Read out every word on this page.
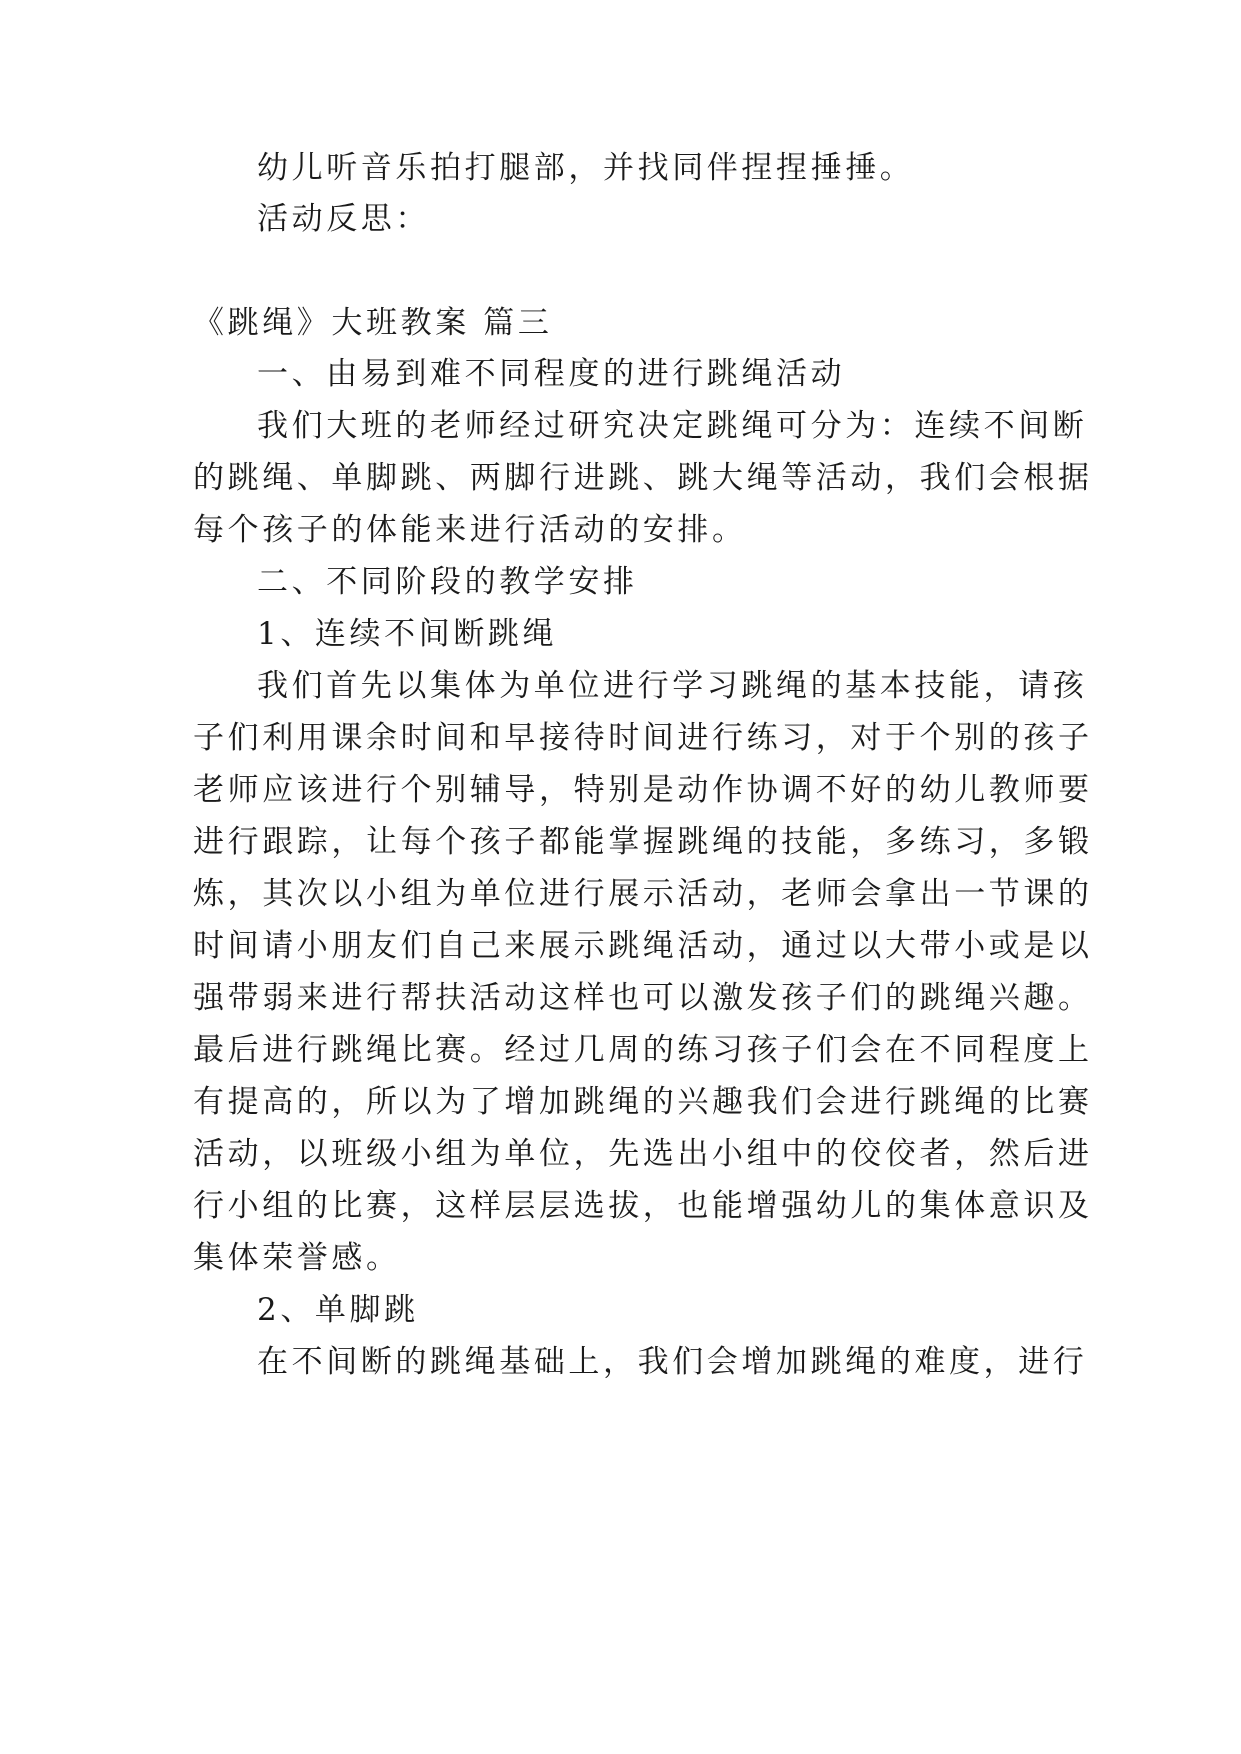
幼儿听音乐拍打腿部，并找同伴捏捏捶捶。
活动反思：
《跳绳》大班教案 篇三
一、由易到难不同程度的进行跳绳活动
我们大班的老师经过研究决定跳绳可分为：连续不间断
的跳绳、单脚跳、两脚行进跳、跳大绳等活动，我们会根据
每个孩子的体能来进行活动的安排。
二、不同阶段的教学安排
1、连续不间断跳绳
我们首先以集体为单位进行学习跳绳的基本技能，请孩
子们利用课余时间和早接待时间进行练习，对于个别的孩子
老师应该进行个别辅导，特别是动作协调不好的幼儿教师要
进行跟踪，让每个孩子都能掌握跳绳的技能，多练习，多锻
炼，其次以小组为单位进行展示活动，老师会拿出一节课的
时间请小朋友们自己来展示跳绳活动，通过以大带小或是以
强带弱来进行帮扶活动这样也可以激发孩子们的跳绳兴趣。
最后进行跳绳比赛。经过几周的练习孩子们会在不同程度上
有提高的，所以为了增加跳绳的兴趣我们会进行跳绳的比赛
活动，以班级小组为单位，先选出小组中的佼佼者，然后进
行小组的比赛，这样层层选拔，也能增强幼儿的集体意识及
集体荣誉感。
2、单脚跳
在不间断的跳绳基础上，我们会增加跳绳的难度，进行
